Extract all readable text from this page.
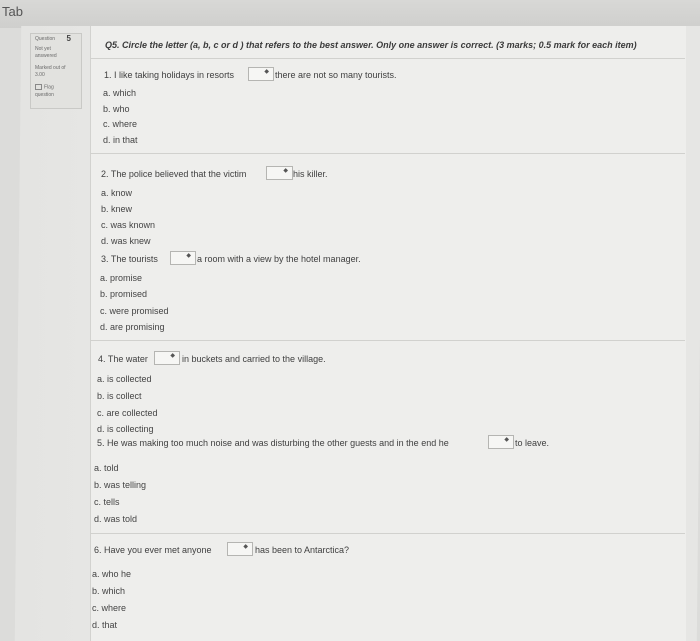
Tab
Question 5
Not yet
answered
Marked out of
3.00
Flag
question
Q5. Circle the letter (a, b, c or d ) that refers to the best answer. Only one answer is correct. (3 marks; 0.5 mark for each item)
1. I like taking holidays in resorts	◆ there are not so many tourists.
a. which
b. who
c. where
d. in that
2. The police believed that the victim	◆ his killer.
a. know
b. knew
c. was known
d. was knew
3. The tourists	◆ a room with a view by the hotel manager.
a. promise
b. promised
c. were promised
d. are promising
4. The water	◆ in buckets and carried to the village.
a. is collected
b. is collect
c. are collected
d. is collecting
5. He was making too much noise and was disturbing the other guests and in the end he	◆ to leave.
a. told
b. was telling
c. tells
d. was told
6. Have you ever met anyone	◆ has been to Antarctica?
a. who he
b. which
c. where
d. that
